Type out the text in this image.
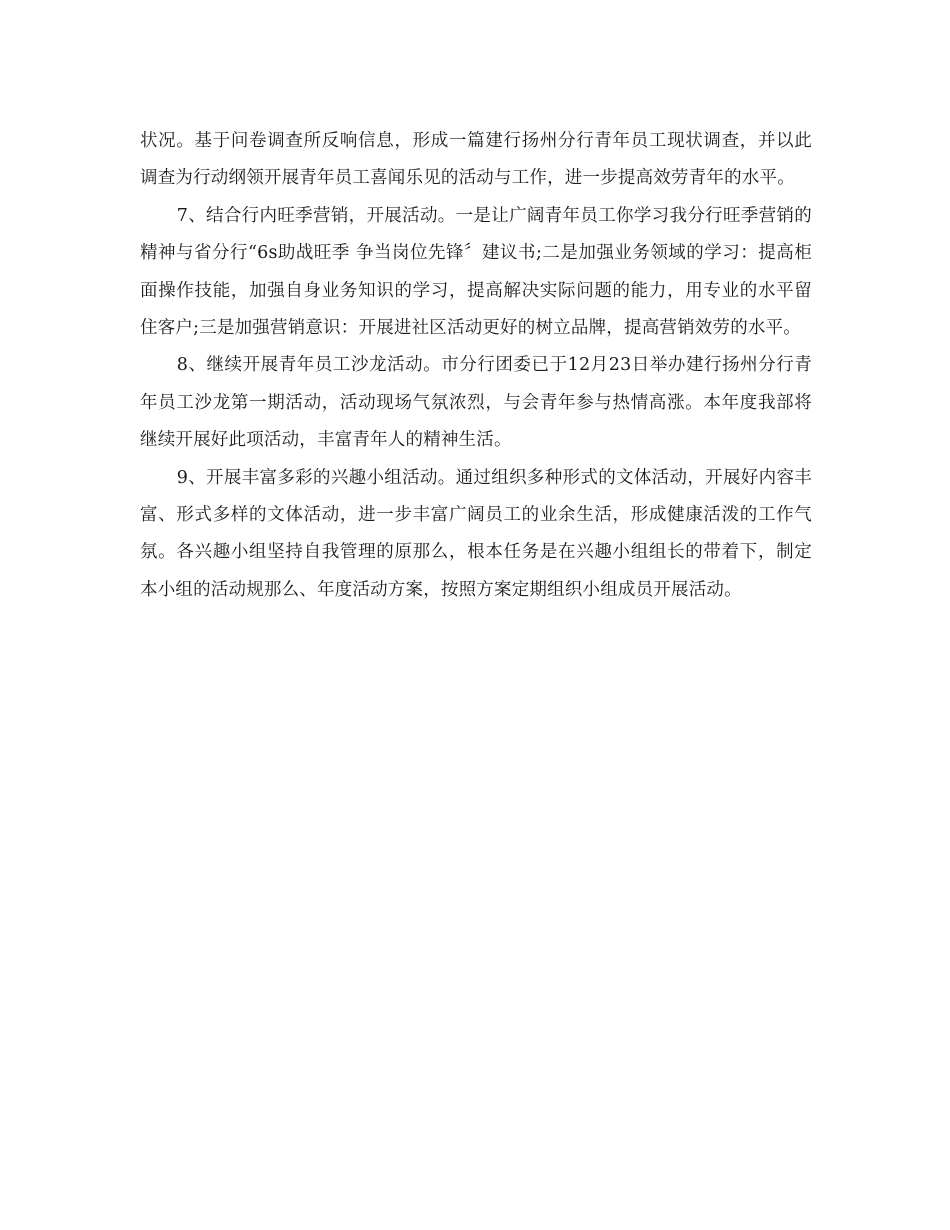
状况。基于问卷调查所反响信息，形成一篇建行扬州分行青年员工现状调查，并以此调查为行动纲领开展青年员工喜闻乐见的活动与工作，进一步提高效劳青年的水平。

7、结合行内旺季营销，开展活动。一是让广阔青年员工你学习我分行旺季营销的精神与省分行“6s助战旺季 争当岗位先锋〞建议书;二是加强业务领域的学习：提高柜面操作技能，加强自身业务知识的学习，提高解决实际问题的能力，用专业的水平留住客户;三是加强营销意识：开展进社区活动更好的树立品牌，提高营销效劳的水平。

8、继续开展青年员工沙龙活动。市分行团委已于12月23日举办建行扬州分行青年员工沙龙第一期活动，活动现场气氛浓烈，与会青年参与热情高涨。本年度我部将继续开展好此项活动，丰富青年人的精神生活。

9、开展丰富多彩的兴趣小组活动。通过组织多种形式的文体活动，开展好内容丰富、形式多样的文体活动，进一步丰富广阔员工的业余生活，形成健康活泼的工作气氛。各兴趣小组坚持自我管理的原那么，根本任务是在兴趣小组组长的带着下，制定本小组的活动规那么、年度活动方案，按照方案定期组织小组成员开展活动。
